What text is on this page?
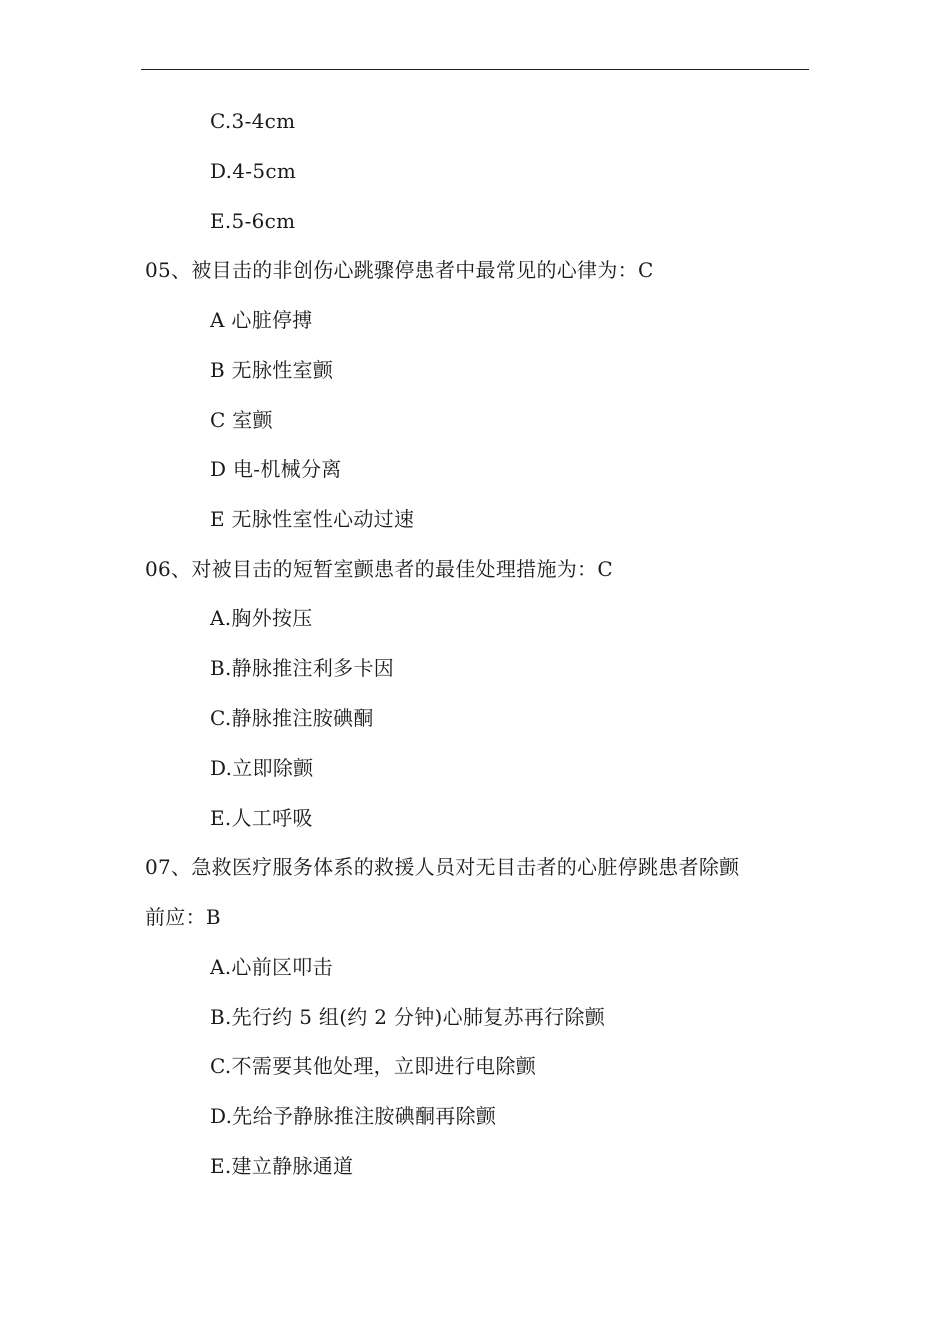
C.3-4cm
D.4-5cm
E.5-6cm
05、被目击的非创伤心跳骤停患者中最常见的心律为：C
A 心脏停搏
B 无脉性室颤
C 室颤
D 电-机械分离
E 无脉性室性心动过速
06、对被目击的短暂室颤患者的最佳处理措施为：C
A.胸外按压
B.静脉推注利多卡因
C.静脉推注胺碘酮
D.立即除颤
E.人工呼吸
07、急救医疗服务体系的救援人员对无目击者的心脏停跳患者除颤
前应：B
A.心前区叩击
B.先行约 5 组(约 2 分钟)心肺复苏再行除颤
C.不需要其他处理，立即进行电除颤
D.先给予静脉推注胺碘酮再除颤
E.建立静脉通道
